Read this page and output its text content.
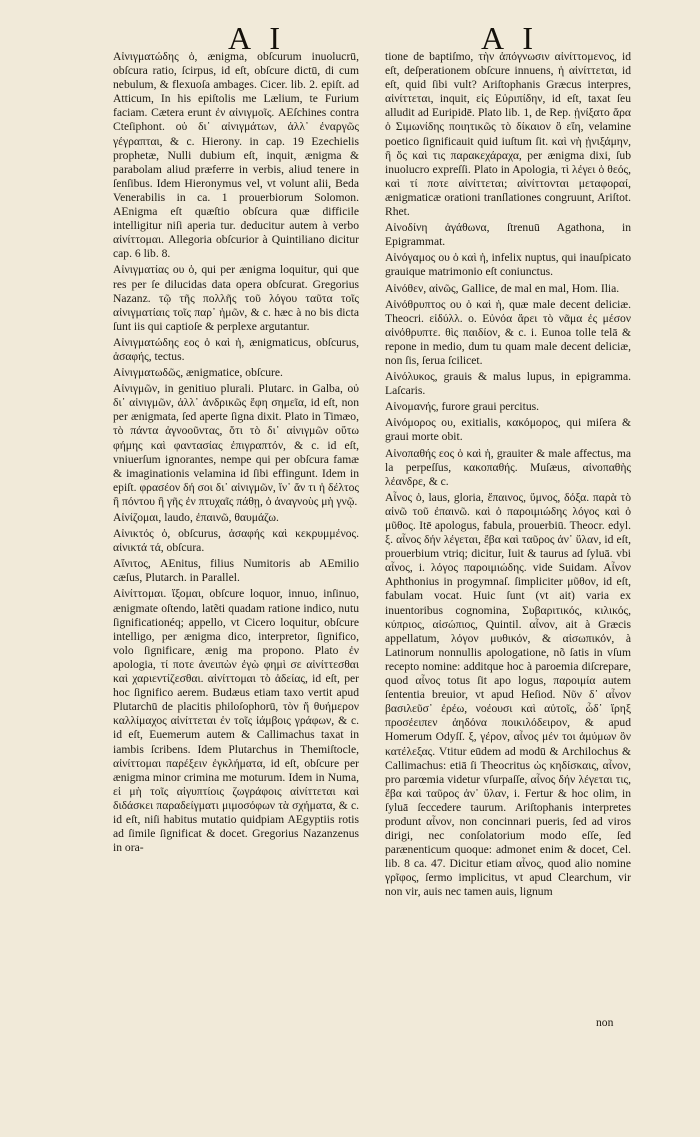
A I	A I

Αἰνιγματώδης ὁ, ænigma, obſcurum inuolucrū, obſcura ratio, ſcirpus, id eſt, obſcure dictū, di cum nebulum, & flexuoſa ambages. Cicer. lib. 2. epiſt. ad Atticum, In his epiſtolis me Lælium, te Furium faciam. Cætera erunt ἐν αἰνιγμοῖς. AEſchines contra Cteſiphont. οὐ δι᾽ αἰνιγμάτων, ἀλλ᾽ ἐναργῶς γέγραπται, & c. Hierony. in cap. 19 Ezechielis prophetæ, Nulli dubium eſt, inquit, ænigma & parabolam aliud præferre in verbis, aliud tenere in ſenſibus. Idem Hieronymus vel, vt volunt alii, Beda Venerabilis in ca. 1 prouerbiorum Solomon. AEnigma eſt quæſtio obſcura quæ difficile intelligitur niſi aperia tur. deducitur autem à verbo αἰνίττομαι. Allegoria obſcurior à Quintiliano dicitur cap. 6 lib. 8.

Αἰνιγματίας ου ὁ, qui per ænigma loquitur, qui que res per ſe dilucidas data opera obſcurat. Gregorius Nazanz. τῷ τῆς πολλῆς τοῦ λόγου ταῦτα τοῖς αἰνιγματίαις τοῖς παρ᾽ ἡμῶν, & c. hæc à no bis dicta ſunt iis qui captioſe & perplexe argutantur.

Αἰνιγματώδης εος ὁ καὶ ἡ, ænigmaticus, obſcurus, ἀσαφής, tectus.

Αἰνιγματωδῶς, ænigmatice, obſcure.

Αἰνιγμῶν, in genitiuo plurali. Plutarc. in Galba, οὐ δι᾽ αἰνιγμῶν, ἀλλ᾽ ἀνδρικῶς ἔφη σημεῖα, id eſt, non per ænigmata, ſed aperte ſigna dixit. Plato in Timæo, τὸ πάντα ἀγνοοῦντας, ὅτι τὸ δι᾽ αἰνιγμῶν οὕτω φήμης καὶ φαντασίας ἐπιγραπτόν, & c. id eſt, vniuerſum ignorantes, nempe qui per obſcura famæ & imaginationis velamina id ſibi effingunt. Idem in epiſt. φρασέον δή σοι δι᾽ αἰνιγμῶν, ἵν᾽ ἄν τι ἡ δέλτος ἢ πόντου ἢ γῆς ἐν πτυχαῖς πάθῃ, ὁ ἀναγνοὺς μὴ γνῷ.

Αἰνίζομαι, laudo, ἐπαινῶ, θαυμάζω.

Αἰνικτός ὁ, obſcurus, ἀσαφής καὶ κεκρυμμένος. αἰνικτά τά, obſcura.

Αἴνιτος, AEnitus, filius Numitoris ab AEmilio cæſus, Plutarch. in Parallel.

Αἰνίττομαι. ἴξομαι, obſcure loquor, innuo, inſinuo, ænigmate oſtendo, latẽti quadam ratione indico, nutu ſignificationéq; appello, vt Cicero loquitur, obſcure intelligo, per ænigma dico, interpretor, ſignifico, volo ſignificare, ænig ma propono. Plato ἐν apologia, τί ποτε ἀνειπὼν ἐγὼ φημὶ σε αἰνίττεσθαι καὶ χαριεντίζεσθαι. αἰνίττομαι τὸ ἀδείας, id eſt, per hoc ſignifico aerem. Budæus etiam taxo vertit apud Plutarchū de placitis philoſophorū, τὸν ἤ θυήμερον καλλίμαχος αἰνίττεται ἐν τοῖς ἰάμβοις γράφων, & c. id eſt, Euemerum autem & Callimachus taxat in iambis ſcribens. Idem Plutarchus in Themiſtocle, αἰνίττομαι παρέξειν ἐγκλήματα, id eſt, obſcure per ænigma minor crimina me moturum. Idem in Numa, εἰ μὴ τοῖς αἰγυπτίοις ζωγράφοις αἰνίττεται καὶ διδάσκει παραδείγματι μιμοσόφων τὰ σχήματα, & c. id eſt, niſi habitus mutatio quidpiam AEgyptiis rotis ad ſimile ſignificat & docet. Gregorius Nazanzenus in ora-

tione de baptiſmo, τὴν ἀπόγνωσιν αἰνίττομενος, id eſt, deſperationem obſcure innuens, ἡ αἰνίττεται, id eſt, quid ſibi vult? Ariſtophanis Græcus interpres, αἰνίττεται, inquit, εἰς Εὐριπίδην, id eſt, taxat ſeu alludit ad Euripidē. Plato lib. 1, de Rep. ᾐνίξατο ἄρα ὁ Σιμωνίδης ποιητικῶς τὸ δίκαιον ὃ εἴη, velamine poetico ſignificauit quid iuſtum ſit. καὶ νὴ ᾐνιξάμην, ἢ ὅς καὶ τις παρακεχάραχα, per ænigma dixi, ſub inuolucro expreſſi. Plato in Apologia, τὶ λέγει ὁ θεός, καὶ τί ποτε αἰνίττεται; αἰνίττονται μεταφοραί, ænigmaticæ orationi tranſlationes congruunt, Ariſtot. Rhet.

Αἰνοδίνη ἀγάθωνα, ſtrenuū Agathona, in Epigrammat.

Αἰνόγαμος ου ὁ καὶ ἡ, infelix nuptus, qui inauſpicato grauique matrimonio eſt coniunctus.

Αἰνόθεν, αἰνῶς, Gallice, de mal en mal, Hom. Ilia.

Αἰνόθρυπτος ου ὁ καὶ ἡ, quæ male decent deliciæ. Theocri. εἰδύλλ. ο. Εὐνόα ἄρει τὸ νᾶμα ἐς μέσον αἰνόθρυπτε. θὶς παιδίον, & c. i. Eunoa tolle telā & repone in medio, dum tu quam male decent deliciæ, non ſis, ſerua ſcilicet.

Αἰνόλυκος, grauis & malus lupus, in epigramma. Laſcaris.

Αἰνομανής, furore graui percitus.

Αἰνόμορος ου, exitialis, κακόμορος, qui miſera & graui morte obit.

Αἰνοπαθής εος ὁ καὶ ἡ, grauiter & male affectus, ma la perpeſſus, κακοπαθής. Muſæus, αἰνοπαθὴς λέανδρε, & c.

Αἶνος ὁ, laus, gloria, ἔπαινος, ὕμνος, δόξα. παρὰ τὸ αἰνῶ τοῦ ἐπαινῶ. καὶ ὁ παροιμιώδης λόγος καὶ ὁ μῦθος. Itē apologus, fabula, prouerbiū. Theocr. edyl. ξ. αἶνος δήν λέγεται, ἔβα καὶ ταῦρος ἀν᾽ ὕλαν, id eſt, prouerbium vtriq; dicitur, Iuit & taurus ad ſyluā. vbi αἶνος, i. λόγος παροιμιώδης. vide Suidam. Αἶνον Aphthonius in progymnaſ. ſimpliciter μῦθον, id eſt, fabulam vocat. Huic ſunt (vt ait) varia ex inuentoribus cognomina, Συβαριτικός, κιλικός, κύπριος, αἰσώπιος, Quintil. αἶνον, ait à Græcis appellatum, λόγον μυθικόν, & αἰσωπικόν, à Latinorum nonnullis apologatione, nõ ſatis in vſum recepto nomine: additque hoc à paroemia diſcrepare, quod αἶνος totus ſit apo logus, παροιμία autem ſententia breuior, vt apud Heſiod. Νῦν δ᾽ αἶνον βασιλεῦσ᾽ ἐρέω, νοέουσι καὶ αὐτοῖς, ὧδ᾽ ἴρηξ προσέειπεν ἀηδόνα ποικιλόδειρον, & apud Homerum Odyſſ. ξ, γέρον, αἶνος μέν τοι ἀμύμων ὃν κατέλεξας. Vtitur eūdem ad modū & Archilochus & Callimachus: etiā ſi Theocritus ὡς κηδίσκαις, αἶνον, pro parœmia videtur vſurpaſſe, αἶνος δήν λέγεται τις, ἔβα καὶ ταῦρος ἀν᾽ ὕλαν, i. Fertur & hoc olim, in ſyluā ſeccedere taurum. Ariſtophanis interpretes produnt αἶνον, non concinnari pueris, ſed ad viros dirigi, nec conſolatorium modo eſſe, ſed parænenticum quoque: admonet enim & docet, Cel. lib. 8 ca. 47. Dicitur etiam αἶνος, quod alio nomine γρῖφος, ſermo implicitus, vt apud Clearchum, vir non vir, auis nec tamen auis, lignum

non
